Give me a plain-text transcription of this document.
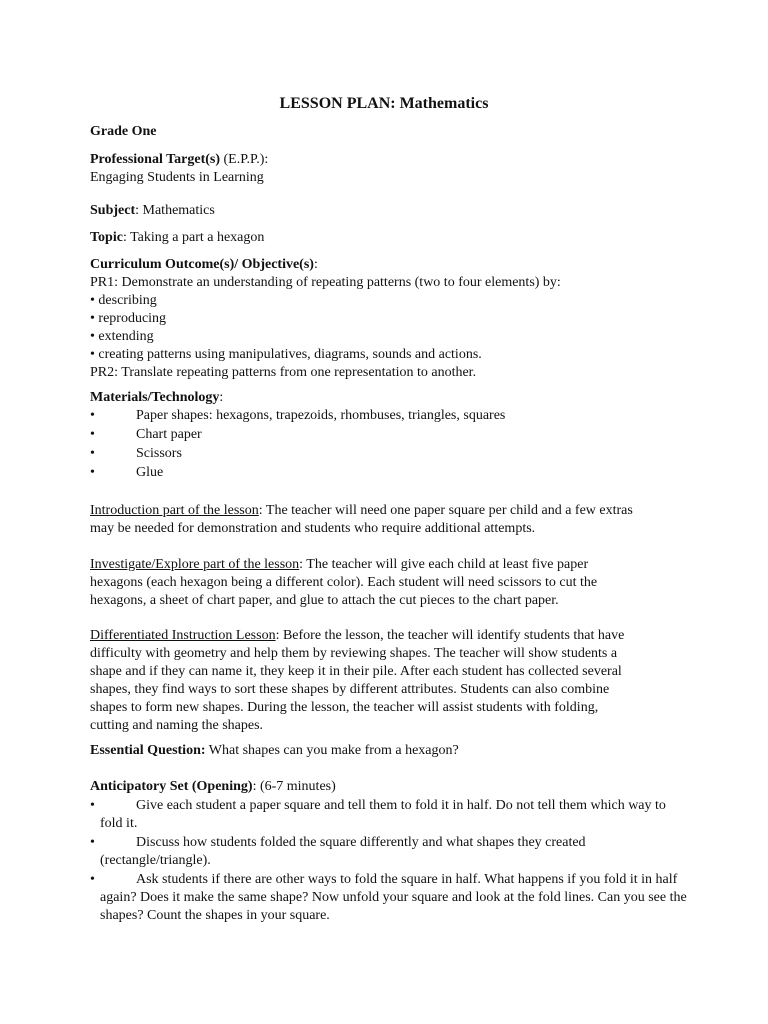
LESSON PLAN: Mathematics
Grade One
Professional Target(s) (E.P.P.):
Engaging Students in Learning
Subject: Mathematics
Topic: Taking a part a hexagon
Curriculum Outcome(s)/ Objective(s):
PR1: Demonstrate an understanding of repeating patterns (two to four elements) by:
• describing
• reproducing
• extending
• creating patterns using manipulatives, diagrams, sounds and actions.
PR2: Translate repeating patterns from one representation to another.
Materials/Technology:
•	Paper shapes: hexagons, trapezoids, rhombuses, triangles, squares
•	Chart paper
•	Scissors
•	Glue
Introduction part of the lesson: The teacher will need one paper square per child and a few extras
may be needed for demonstration and students who require additional attempts.
Investigate/Explore part of the lesson: The teacher will give each child at least five paper
hexagons (each hexagon being a different color). Each student will need scissors to cut the
hexagons, a sheet of chart paper, and glue to attach the cut pieces to the chart paper.
Differentiated Instruction Lesson: Before the lesson, the teacher will identify students that have
difficulty with geometry and help them by reviewing shapes. The teacher will show students a
shape and if they can name it, they keep it in their pile. After each student has collected several
shapes, they find ways to sort these shapes by different attributes. Students can also combine
shapes to form new shapes. During the lesson, the teacher will assist students with folding,
cutting and naming the shapes.
Essential Question: What shapes can you make from a hexagon?
Anticipatory Set (Opening): (6-7 minutes)
•	Give each student a paper square and tell them to fold it in half. Do not tell them which way to fold it.
•	Discuss how students folded the square differently and what shapes they created (rectangle/triangle).
•	Ask students if there are other ways to fold the square in half. What happens if you fold it in half again? Does it make the same shape? Now unfold your square and look at the fold lines. Can you see the shapes? Count the shapes in your square.
